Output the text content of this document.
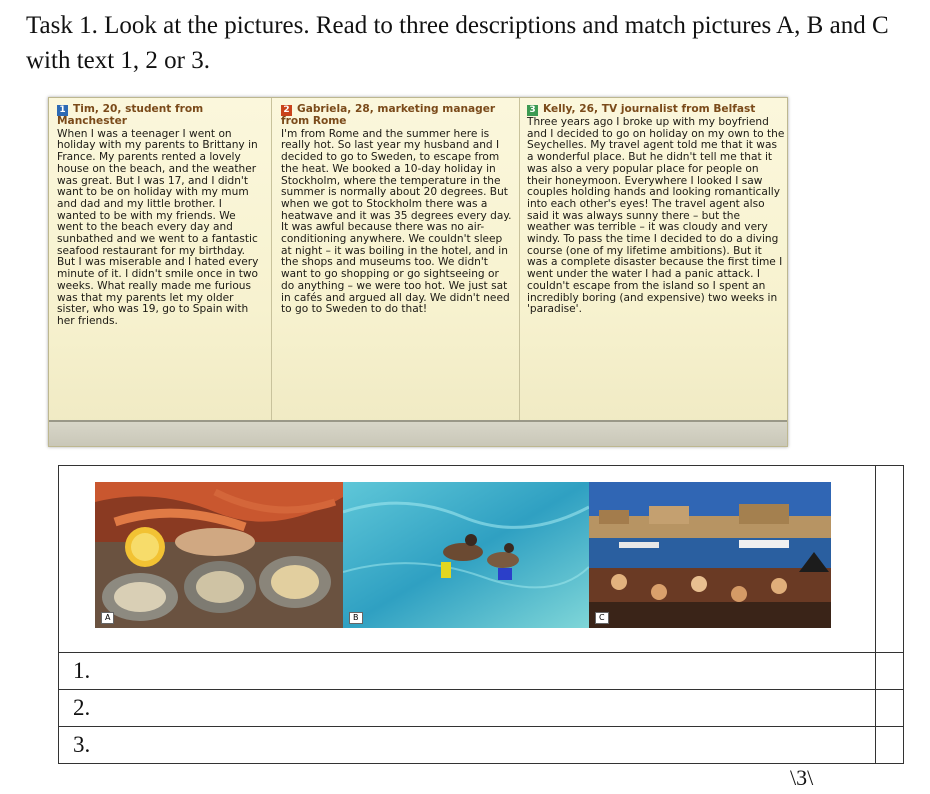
Task 1. Look at the pictures. Read to three descriptions and match pictures A, B and C with text 1, 2 or 3.
1 Tim, 20, student from Manchester
When I was a teenager I went on holiday with my parents to Brittany in France. My parents rented a lovely house on the beach, and the weather was great. But I was 17, and I didn't want to be on holiday with my mum and dad and my little brother. I wanted to be with my friends. We went to the beach every day and sunbathed and we went to a fantastic seafood restaurant for my birthday. But I was miserable and I hated every minute of it. I didn't smile once in two weeks. What really made me furious was that my parents let my older sister, who was 19, go to Spain with her friends.
2 Gabriela, 28, marketing manager from Rome
I'm from Rome and the summer here is really hot. So last year my husband and I decided to go to Sweden, to escape from the heat. We booked a 10-day holiday in Stockholm, where the temperature in the summer is normally about 20 degrees. But when we got to Stockholm there was a heatwave and it was 35 degrees every day. It was awful because there was no air-conditioning anywhere. We couldn't sleep at night – it was boiling in the hotel, and in the shops and museums too. We didn't want to go shopping or go sightseeing or do anything – we were too hot. We just sat in cafés and argued all day. We didn't need to go to Sweden to do that!
3 Kelly, 26, TV journalist from Belfast
Three years ago I broke up with my boyfriend and I decided to go on holiday on my own to the Seychelles. My travel agent told me that it was a wonderful place. But he didn't tell me that it was also a very popular place for people on their honeymoon. Everywhere I looked I saw couples holding hands and looking romantically into each other's eyes! The travel agent also said it was always sunny there – but the weather was terrible – it was cloudy and very windy. To pass the time I decided to do a diving course (one of my lifetime ambitions). But it was a complete disaster because the first time I went under the water I had a panic attack. I couldn't escape from the island so I spent an incredibly boring (and expensive) two weeks in 'paradise'.
A B C	

1.	
2.	
3.	
\3\
